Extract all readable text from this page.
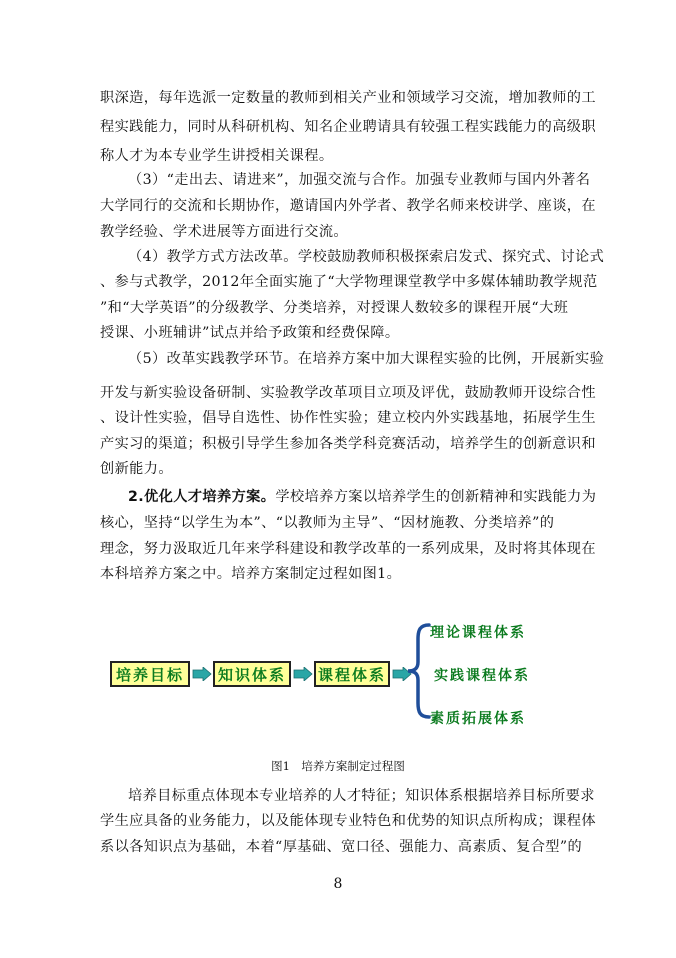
职深造，每年选派一定数量的教师到相关产业和领域学习交流，增加教师的工
程实践能力，同时从科研机构、知名企业聘请具有较强工程实践能力的高级职
称人才为本专业学生讲授相关课程。
（3）“走出去、请进来”，加强交流与合作。加强专业教师与国内外著名
大学同行的交流和长期协作，邀请国内外学者、教学名师来校讲学、座谈，在
教学经验、学术进展等方面进行交流。
（4）教学方式方法改革。学校鼓励教师积极探索启发式、探究式、讨论式
、参与式教学，2012年全面实施了“大学物理课堂教学中多媒体辅助教学规范
”和“大学英语”的分级教学、分类培养，对授课人数较多的课程开展“大班
授课、小班辅讲”试点并给予政策和经费保障。
（5）改革实践教学环节。在培养方案中加大课程实验的比例，开展新实验
开发与新实验设备研制、实验教学改革项目立项及评优，鼓励教师开设综合性
、设计性实验，倡导自选性、协作性实验；建立校内外实践基地，拓展学生生
产实习的渠道；积极引导学生参加各类学科竞赛活动，培养学生的创新意识和
创新能力。
2.优化人才培养方案。学校培养方案以培养学生的创新精神和实践能力为
核心，坚持“以学生为本”、“以教师为主导”、“因材施教、分类培养”的
理念，努力汲取近几年来学科建设和教学改革的一系列成果，及时将其体现在
本科培养方案之中。培养方案制定过程如图1。
培养目标	知识体系	课程体系
理论课程体系
实践课程体系
素质拓展体系
图1　培养方案制定过程图
培养目标重点体现本专业培养的人才特征；知识体系根据培养目标所要求
学生应具备的业务能力，以及能体现专业特色和优势的知识点所构成；课程体
系以各知识点为基础，本着“厚基础、宽口径、强能力、高素质、复合型”的
8
